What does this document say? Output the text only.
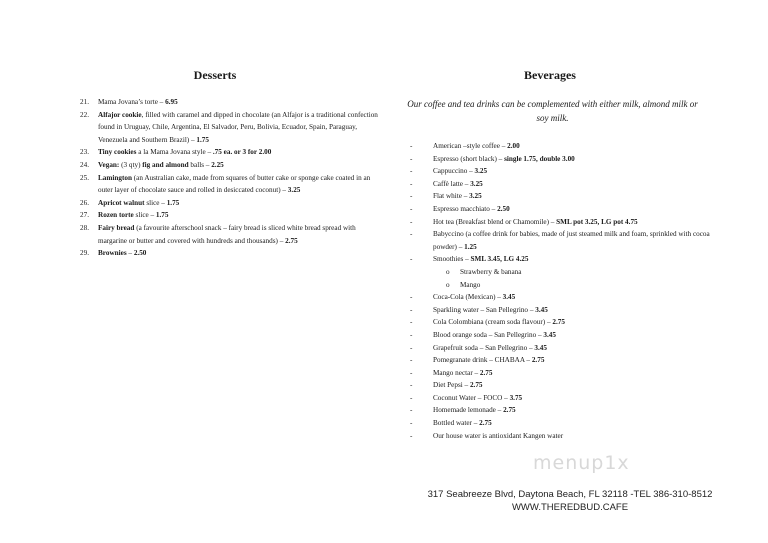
Desserts
21.	Mama Jovana’s torte – 6.95
22.	Alfajor cookie, filled with caramel and dipped in chocolate (an Alfajor is a traditional confection found in Uruguay, Chile, Argentina, El Salvador, Peru, Bolivia, Ecuador, Spain, Paraguay, Venezuela and Southern Brazil) – 1.75
23.	Tiny cookies a la Mama Jovana style – .75 ea. or 3 for 2.00
24.	Vegan: (3 qty) fig and almond balls – 2.25
25.	Lamington (an Australian cake, made from squares of butter cake or sponge cake coated in an outer layer of chocolate sauce and rolled in desiccated coconut) – 3.25
26.	Apricot walnut slice – 1.75
27.	Rozen torte slice – 1.75
28.	Fairy bread (a favourite afterschool snack – fairy bread is sliced white bread spread with margarine or butter and covered with hundreds and thousands) – 2.75
29.	Brownies – 2.50
Beverages
Our coffee and tea drinks can be complemented with either milk, almond milk or soy milk.
-	American –style coffee – 2.00
-	Espresso (short black) – single 1.75, double 3.00
-	Cappuccino – 3.25
-	Caffè latte – 3.25
-	Flat white – 3.25
-	Espresso macchiato – 2.50
-	Hot tea (Breakfast blend or Chamomile) – SML pot 3.25, LG pot 4.75
-	Babyccino (a coffee drink for babies, made of just steamed milk and foam, sprinkled with cocoa powder) – 1.25
-	Smoothies – SML 3.45, LG 4.25
o	Strawberry & banana
o	Mango
-	Coca-Cola (Mexican) – 3.45
-	Sparkling water – San Pellegrino – 3.45
-	Cola Colombiana (cream soda flavour) – 2.75
-	Blood orange soda – San Pellegrino – 3.45
-	Grapefruit soda – San Pellegrino – 3.45
-	Pomegranate drink – CHABAA – 2.75
-	Mango nectar – 2.75
-	Diet Pepsi – 2.75
-	Coconut Water – FOCO – 3.75
-	Homemade lemonade – 2.75
-	Bottled water – 2.75
-	Our house water is antioxidant Kangen water
menup1x
317 Seabreeze Blvd, Daytona Beach, FL 32118 -TEL 386-310-8512
WWW.THEREDBUD.CAFE
